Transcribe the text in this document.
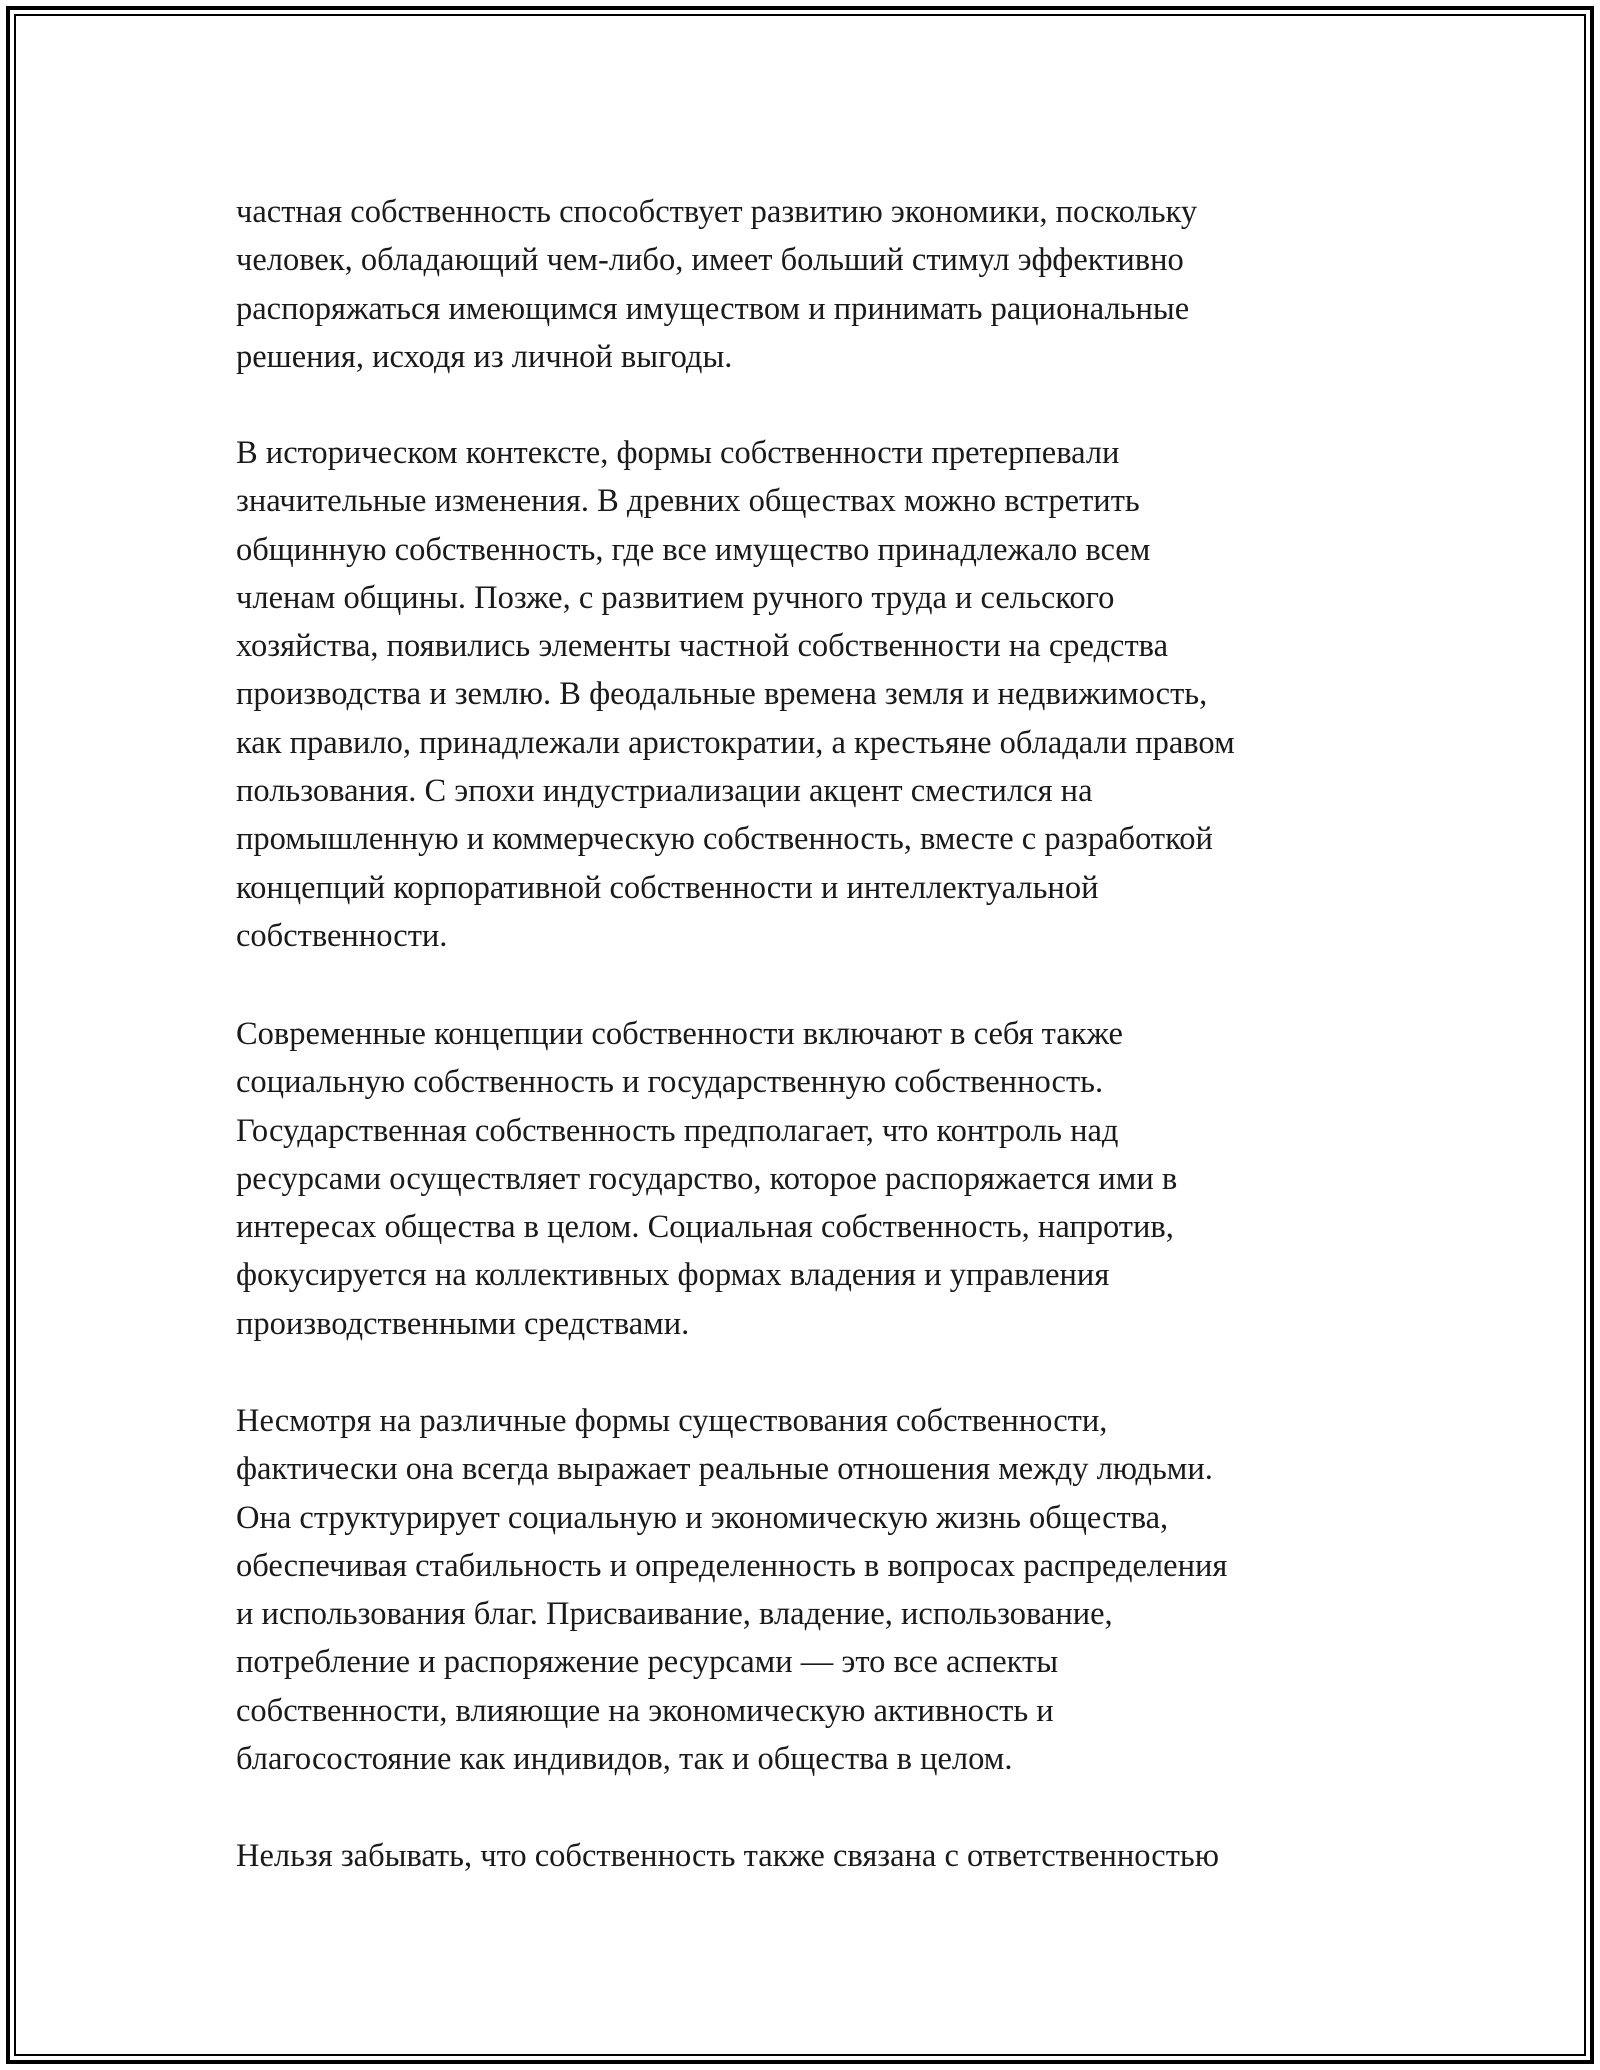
частная собственность способствует развитию экономики, поскольку
человек, обладающий чем-либо, имеет больший стимул эффективно
распоряжаться имеющимся имуществом и принимать рациональные
решения, исходя из личной выгоды.

В историческом контексте, формы собственности претерпевали
значительные изменения. В древних обществах можно встретить
общинную собственность, где все имущество принадлежало всем
членам общины. Позже, с развитием ручного труда и сельского
хозяйства, появились элементы частной собственности на средства
производства и землю. В феодальные времена земля и недвижимость,
как правило, принадлежали аристократии, а крестьяне обладали правом
пользования. С эпохи индустриализации акцент сместился на
промышленную и коммерческую собственность, вместе с разработкой
концепций корпоративной собственности и интеллектуальной
собственности.

Современные концепции собственности включают в себя также
социальную собственность и государственную собственность.
Государственная собственность предполагает, что контроль над
ресурсами осуществляет государство, которое распоряжается ими в
интересах общества в целом. Социальная собственность, напротив,
фокусируется на коллективных формах владения и управления
производственными средствами.

Несмотря на различные формы существования собственности,
фактически она всегда выражает реальные отношения между людьми.
Она структурирует социальную и экономическую жизнь общества,
обеспечивая стабильность и определенность в вопросах распределения
и использования благ. Присваивание, владение, использование,
потребление и распоряжение ресурсами — это все аспекты
собственности, влияющие на экономическую активность и
благосостояние как индивидов, так и общества в целом.

Нельзя забывать, что собственность также связана с ответственностью
